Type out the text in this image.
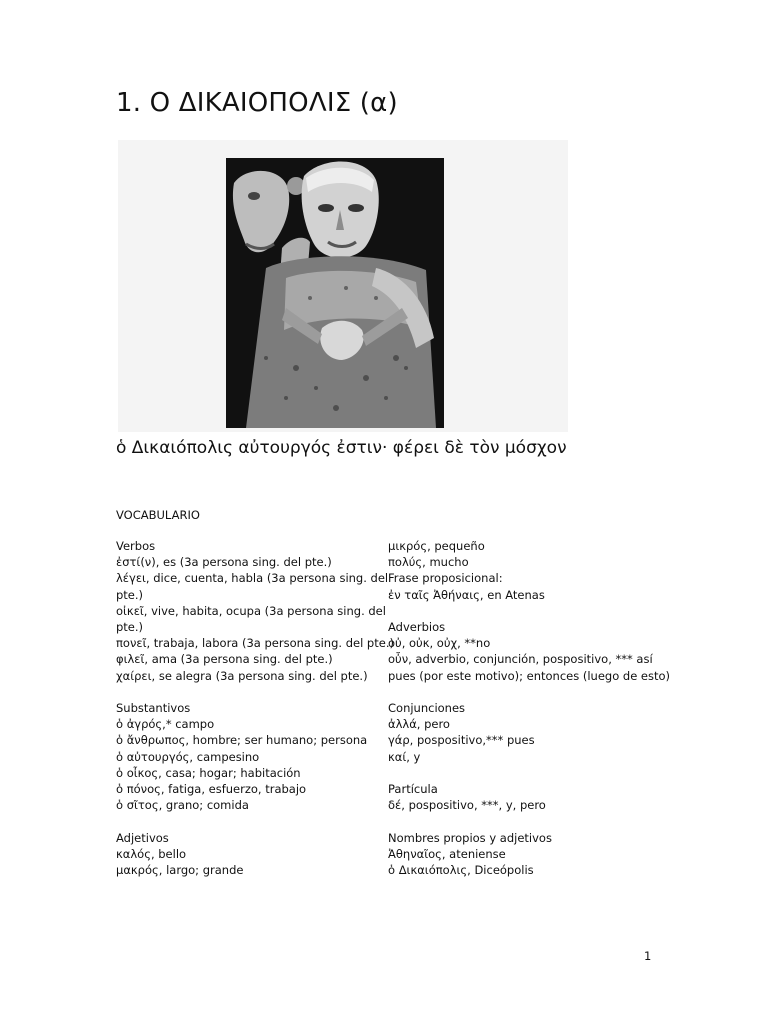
1. Ο ΔΙΚΑΙΟΠΟΛΙΣ (α)
ὁ Δικαιόπολις αὐτουργός ἐστιν· φέρει δὲ τὸν μόσχον
VOCABULARIO
Verbos
ἐστί(ν), es (3a persona sing. del pte.)
λέγει, dice, cuenta, habla (3a persona sing. del
pte.)
οἰκεῖ, vive, habita, ocupa (3a persona sing. del
pte.)
πονεῖ, trabaja, labora (3a persona sing. del pte.)
φιλεῖ, ama (3a persona sing. del pte.)
χαίρει, se alegra (3a persona sing. del pte.)
Substantivos
ὁ ἀγρός,* campo
ὁ ἄνθρωπος, hombre; ser humano; persona
ὁ αὐτουργός, campesino
ὁ οἶκος, casa; hogar; habitación
ὁ πόνος, fatiga, esfuerzo, trabajo
ὁ σῖτος, grano; comida
Adjetivos
καλός, bello
μακρός, largo; grande
μικρός, pequeño
πολύς, mucho
Frase proposicional:
ἐν ταῖς Ἀθήναις, en Atenas
Adverbios
οὐ, οὐκ, οὐχ, **no
οὖν, adverbio, conjunción, pospositivo, *** así
pues (por este motivo); entonces (luego de esto)
Conjunciones
ἀλλά, pero
γάρ, pospositivo,*** pues
καί, y
Partícula
δέ, pospositivo, ***, y, pero
Nombres propios y adjetivos
Ἀθηναῖος, ateniense
ὁ Δικαιόπολις, Diceópolis
1
